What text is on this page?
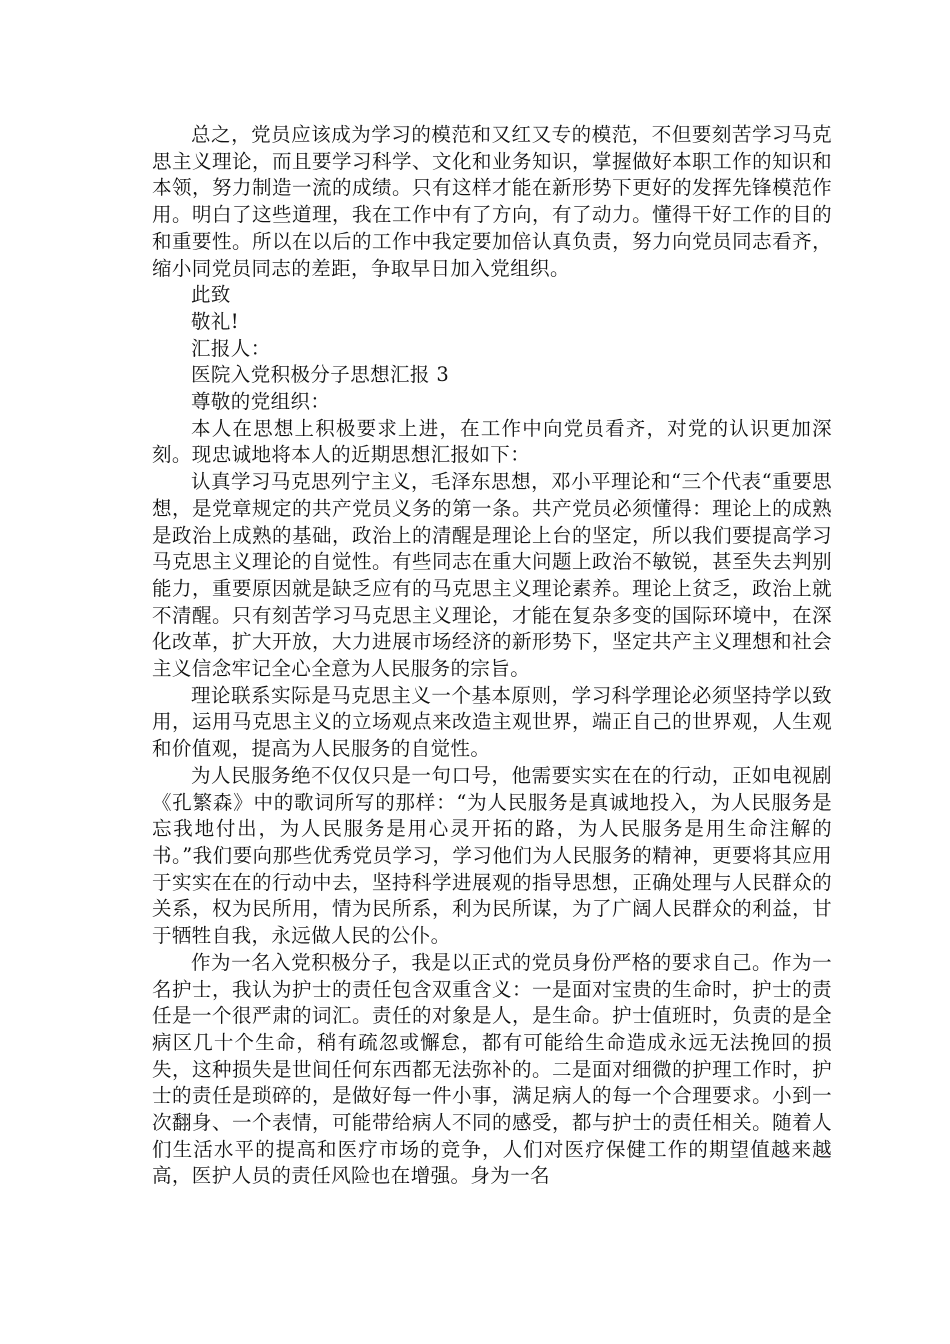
总之，党员应该成为学习的模范和又红又专的模范，不但要刻苦学习马克思主义理论，而且要学习科学、文化和业务知识，掌握做好本职工作的知识和本领，努力制造一流的成绩。只有这样才能在新形势下更好的发挥先锋模范作用。明白了这些道理，我在工作中有了方向，有了动力。懂得干好工作的目的和重要性。所以在以后的工作中我定要加倍认真负责，努力向党员同志看齐，缩小同党员同志的差距，争取早日加入党组织。

此致

敬礼!

汇报人：

医院入党积极分子思想汇报 3

尊敬的党组织：

本人在思想上积极要求上进，在工作中向党员看齐，对党的认识更加深刻。现忠诚地将本人的近期思想汇报如下：

认真学习马克思列宁主义，毛泽东思想，邓小平理论和“三个代表“重要思想，是党章规定的共产党员义务的第一条。共产党员必须懂得：理论上的成熟是政治上成熟的基础，政治上的清醒是理论上台的坚定，所以我们要提高学习马克思主义理论的自觉性。有些同志在重大问题上政治不敏锐，甚至失去判别能力，重要原因就是缺乏应有的马克思主义理论素养。理论上贫乏，政治上就不清醒。只有刻苦学习马克思主义理论，才能在复杂多变的国际环境中，在深化改革，扩大开放，大力进展市场经济的新形势下，坚定共产主义理想和社会主义信念牢记全心全意为人民服务的宗旨。

理论联系实际是马克思主义一个基本原则，学习科学理论必须坚持学以致用，运用马克思主义的立场观点来改造主观世界，端正自己的世界观，人生观和价值观，提高为人民服务的自觉性。

为人民服务绝不仅仅只是一句口号，他需要实实在在的行动，正如电视剧《孔繁森》中的歌词所写的那样：“为人民服务是真诚地投入，为人民服务是忘我地付出，为人民服务是用心灵开拓的路，为人民服务是用生命注解的书。”我们要向那些优秀党员学习，学习他们为人民服务的精神，更要将其应用于实实在在的行动中去，坚持科学进展观的指导思想，正确处理与人民群众的关系，权为民所用，情为民所系，利为民所谋，为了广阔人民群众的利益，甘于牺牲自我，永远做人民的公仆。

作为一名入党积极分子，我是以正式的党员身份严格的要求自己。作为一名护士，我认为护士的责任包含双重含义：一是面对宝贵的生命时，护士的责任是一个很严肃的词汇。责任的对象是人，是生命。护士值班时，负责的是全病区几十个生命，稍有疏忽或懈怠，都有可能给生命造成永远无法挽回的损失，这种损失是世间任何东西都无法弥补的。二是面对细微的护理工作时，护士的责任是琐碎的，是做好每一件小事，满足病人的每一个合理要求。小到一次翻身、一个表情，可能带给病人不同的感受，都与护士的责任相关。随着人们生活水平的提高和医疗市场的竞争，人们对医疗保健工作的期望值越来越高，医护人员的责任风险也在增强。身为一名
